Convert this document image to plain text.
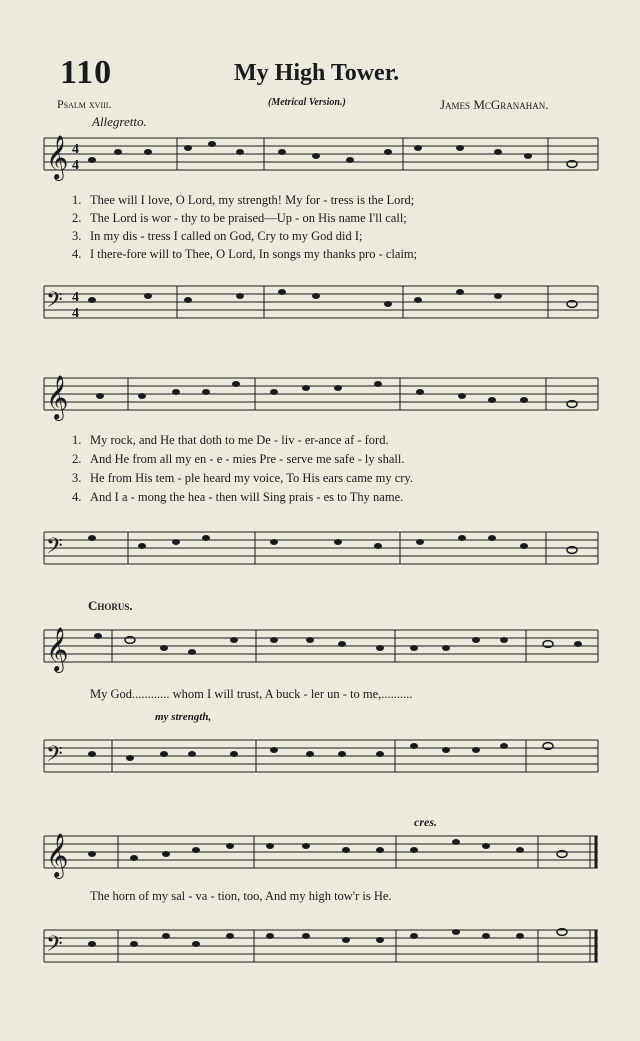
110	My High Tower.
Psalm xviii.	(Metrical Version.)	James McGranahan.
Allegretto.
𝄞 4
4
1. Thee will I love, O Lord, my strength! My for - tress is the Lord;
2. The Lord is wor - thy to be praised—Up - on His name I'll call;
3. In my dis - tress I called on God, Cry to my God did I;
4. I there-fore will to Thee, O Lord, In songs my thanks pro - claim;
𝄢 4
4
𝄞
1. My rock, and He that doth to me De - liv - er-ance af - ford.
2. And He from all my en - e - mies Pre - serve me safe - ly shall.
3. He from His tem - ple heard my voice, To His ears came my cry.
4. And I a - mong the hea - then will Sing prais - es to Thy name.
𝄢
Chorus.
𝄞
My God............ whom I will trust, A buck - ler un - to me,..........
my strength,
𝄢
cres.
𝄞
The horn of my sal - va - tion, too, And my high tow'r is He.
𝄢
